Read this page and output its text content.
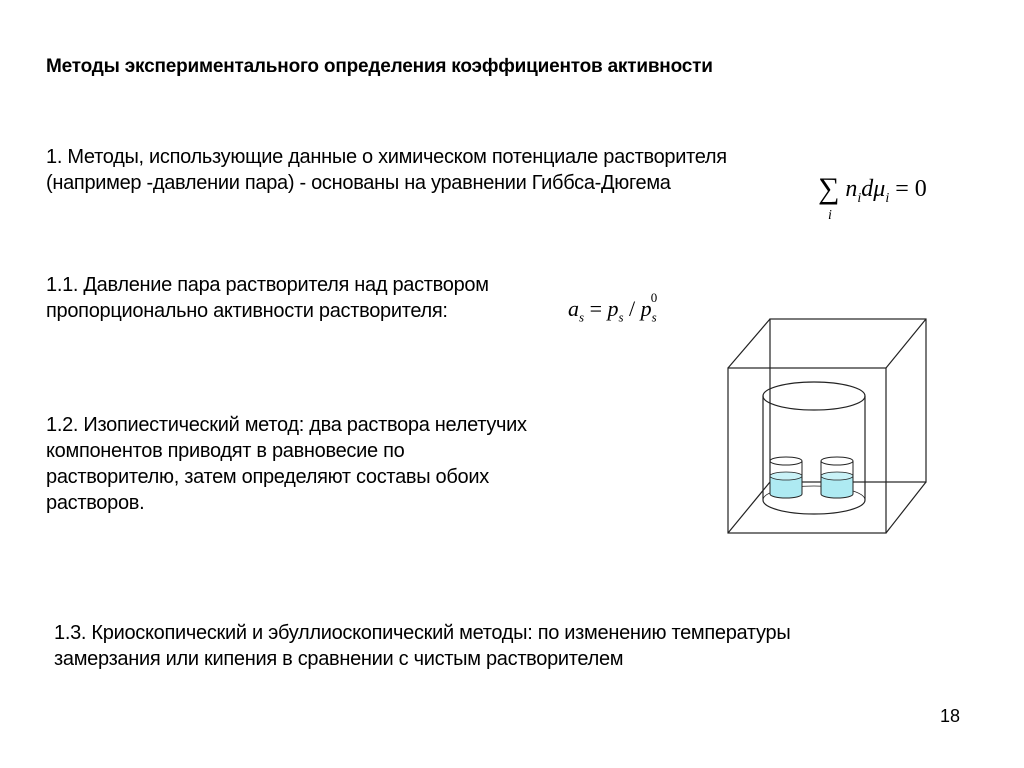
Методы экспериментального определения коэффициентов активности
1. Методы, использующие данные о химическом потенциале растворителя
(например -давлении пара) - основаны на уравнении Гиббса-Дюгема	∑
i
$n_id\mu_i = 0$
1.1. Давление пара растворителя над раствором
пропорционально активности растворителя:	$a_s = p_s / p_s^0$
1.2. Изопиестический метод: два раствора нелетучих
компонентов приводят в равновесие по
растворителю, затем определяют составы обоих
растворов.
1.3. Криоскопический и эбуллиоскопический методы: по изменению температуры
замерзания или кипения в сравнении с чистым растворителем
18
